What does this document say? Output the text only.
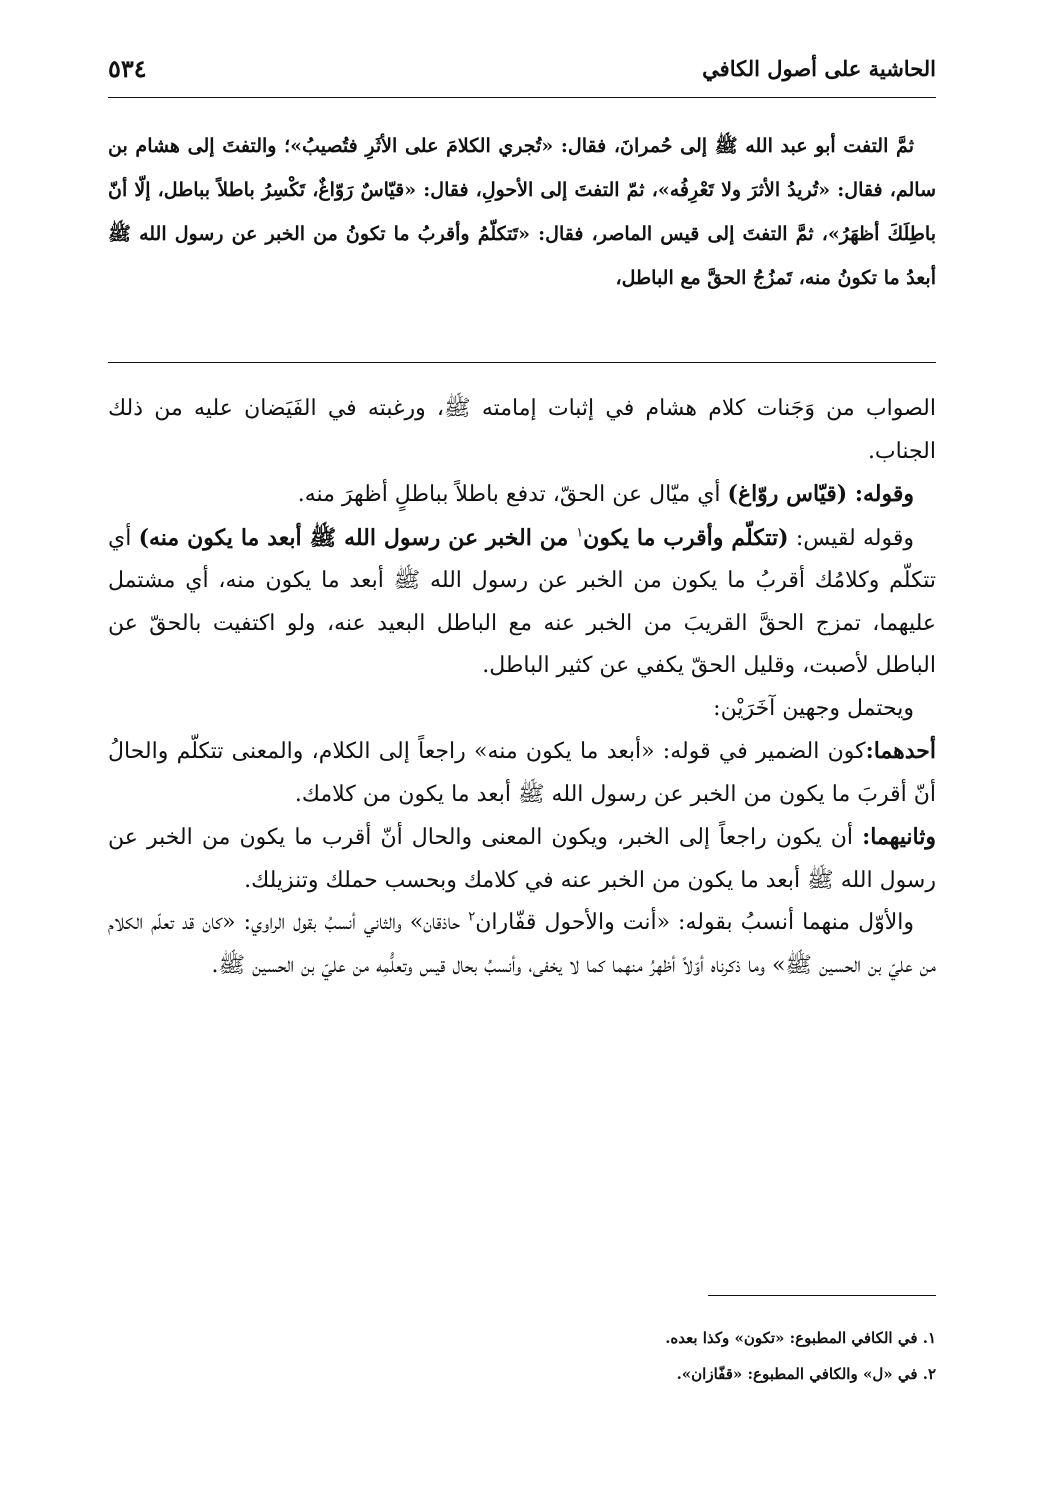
الحاشية على أصول الكافي
٥٣٤

ثمَّ التفت أبو عبد الله ﷺ إلى حُمرانَ، فقال: «تُجري الكلامَ على الأثَرِ فتُصيبُ»؛ والتفتَ إلى هشام بن سالم، فقال: «تُريدُ الأثرَ ولا تَعْرِفُه»، ثمّ التفتَ إلى الأحولِ، فقال: «قيّاسٌ رَوّاغٌ، تَكْسِرُ باطلاً بباطل، إلّا أنّ باطِلَكَ أظهَرُ»، ثمَّ التفتَ إلى قيس الماصر، فقال: «تَتكلّمُ وأقربُ ما تكونُ من الخبر عن رسول الله ﷺ أبعدُ ما تكونُ منه، تَمزُجُ الحقَّ مع الباطل،

الصواب من وَجَنات كلام هشام في إثبات إمامته ﷺ، ورغبته في الفَيَضان عليه من ذلك الجناب.

وقوله: (قيّاس روّاغ) أي ميّال عن الحقّ، تدفع باطلاً بباطلٍ أظهرَ منه.

وقوله لقيس: (تتكلّم وأقرب ما يكون$^١$ من الخبر عن رسول الله ﷺ أبعد ما يكون منه) أي تتكلّم وكلامُك أقربُ ما يكون من الخبر عن رسول الله ﷺ أبعد ما يكون منه، أي مشتمل عليهما، تمزج الحقَّ القريبَ من الخبر عنه مع الباطل البعيد عنه، ولو اكتفيت بالحقّ عن الباطل لأصبت، وقليل الحقّ يكفي عن كثير الباطل.

ويحتمل وجهين آخَرَيْن:

أحدهما:كون الضمير في قوله: «أبعد ما يكون منه» راجعاً إلى الكلام، والمعنى تتكلّم والحالُ أنّ أقربَ ما يكون من الخبر عن رسول الله ﷺ أبعد ما يكون من كلامك.

وثانيهما: أن يكون راجعاً إلى الخبر، ويكون المعنى والحال أنّ أقرب ما يكون من الخبر عن رسول الله ﷺ أبعد ما يكون من الخبر عنه في كلامك وبحسب حملك وتنزيلك.

والأوّل منهما أنسبُ بقوله: «أنت والأحول قفّاران$^٢$ حاذقان» والثاني أنسبُ بقول الراوي: «كان قد تعلّم الكلام من عليّ بن الحسين ﷺ» وما ذكرناه أوّلاً أظهرُ منهما كما لا يخفى، وأنسبُ بحال قيس وتعلُّمِه من عليّ بن الحسين ﷺ.

١. في الكافي المطبوع: «تكون» وكذا بعده.

٢. في «ل» والكافي المطبوع: «قفّازان».
